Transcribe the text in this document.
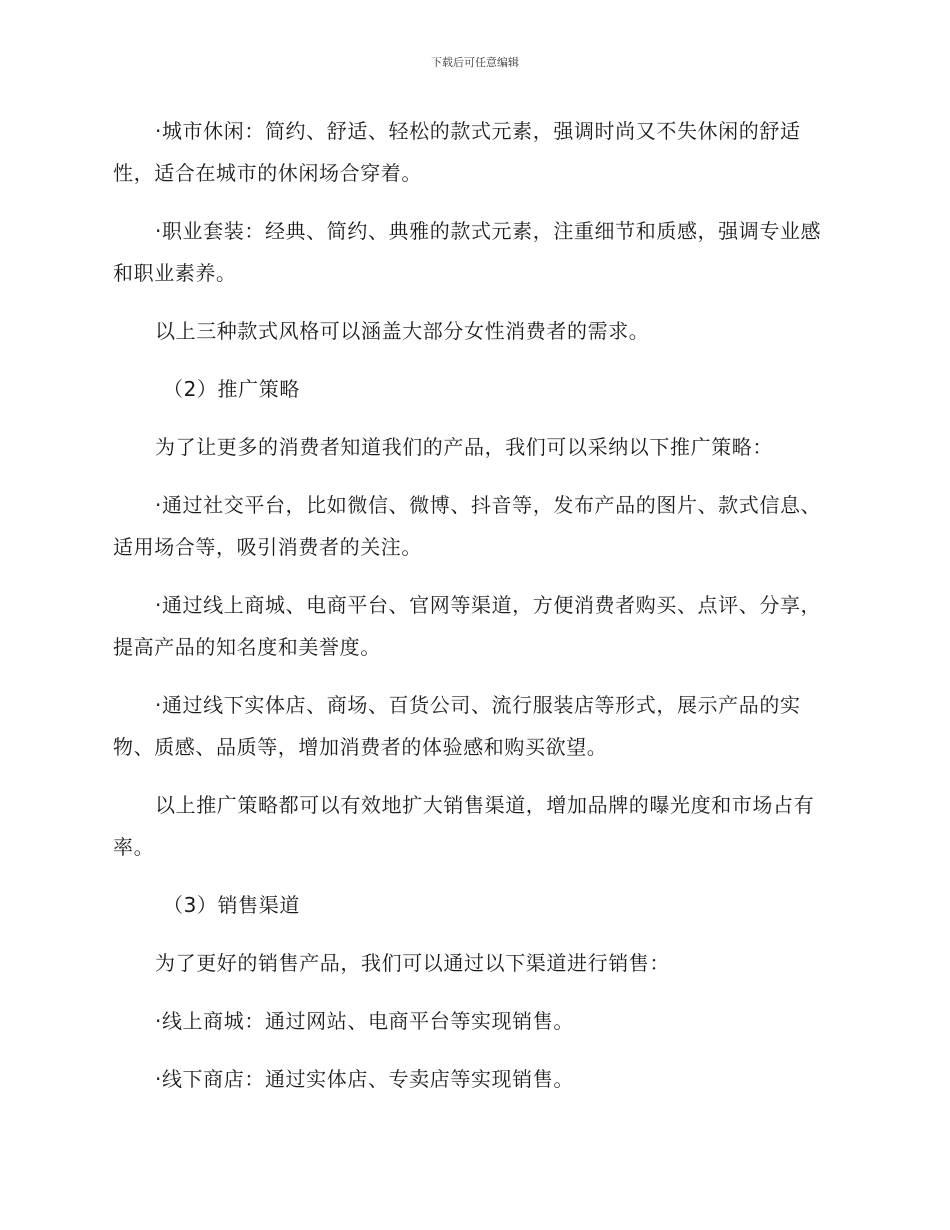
下载后可任意编辑

·城市休闲：简约、舒适、轻松的款式元素，强调时尚又不失休闲的舒适性，适合在城市的休闲场合穿着。

·职业套装：经典、简约、典雅的款式元素，注重细节和质感，强调专业感和职业素养。

以上三种款式风格可以涵盖大部分女性消费者的需求。

（2）推广策略

为了让更多的消费者知道我们的产品，我们可以采纳以下推广策略：

·通过社交平台，比如微信、微博、抖音等，发布产品的图片、款式信息、适用场合等，吸引消费者的关注。

·通过线上商城、电商平台、官网等渠道，方便消费者购买、点评、分享，提高产品的知名度和美誉度。

·通过线下实体店、商场、百货公司、流行服装店等形式，展示产品的实物、质感、品质等，增加消费者的体验感和购买欲望。

以上推广策略都可以有效地扩大销售渠道，增加品牌的曝光度和市场占有率。

（3）销售渠道

为了更好的销售产品，我们可以通过以下渠道进行销售：

·线上商城：通过网站、电商平台等实现销售。

·线下商店：通过实体店、专卖店等实现销售。
